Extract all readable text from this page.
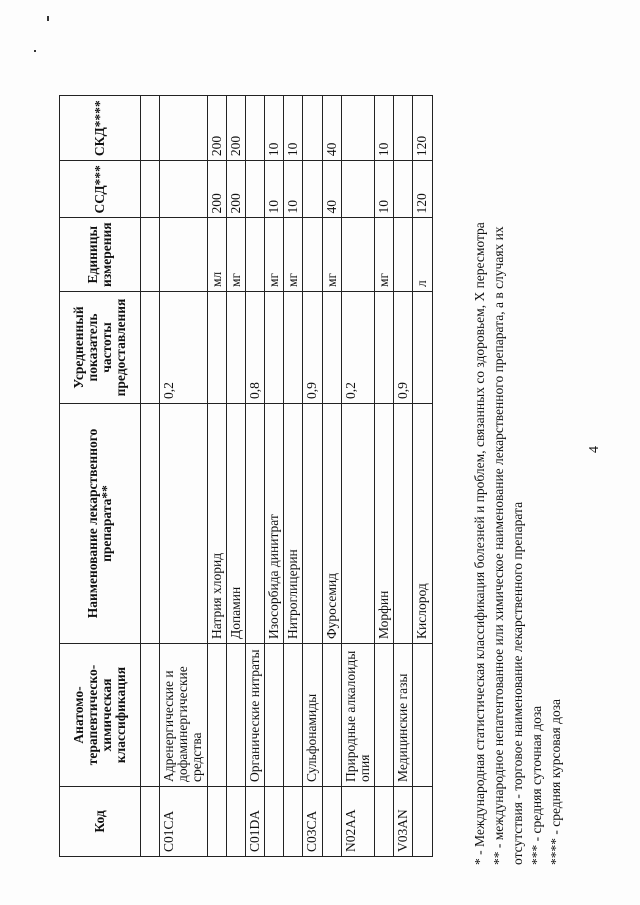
Код	Анатомо-терапевтическо-химическая классификация	Наименование лекарственного препарата**	Усредненный показатель частоты предоставления	Единицы измерения	ССД***	СКД****

C01CA	Адренергические и дофаминергические средства		0,2			
		Натрия хлорид		мл	200	200
		Допамин		мг	200	200
C01DA	Органические нитраты		0,8			
		Изосорбида динитрат		мг	10	10
		Нитроглицерин		мг	10	10
C03CA	Сульфонамиды		0,9			
		Фуросемид		мг	40	40
N02AA	Природные алкалоиды опия		0,2			
		Морфин		мг	10	10
V03AN	Медицинские газы		0,9			
		Кислород		л	120	120
* - Международная статистическая классификация болезней и проблем, связанных со здоровьем, X пересмотра ** - международное непатентованное или химическое наименование лекарственного препарата, а в случаях их отсутствия - торговое наименование лекарственного препарата *** - средняя суточная доза **** - средняя курсовая доза
4
